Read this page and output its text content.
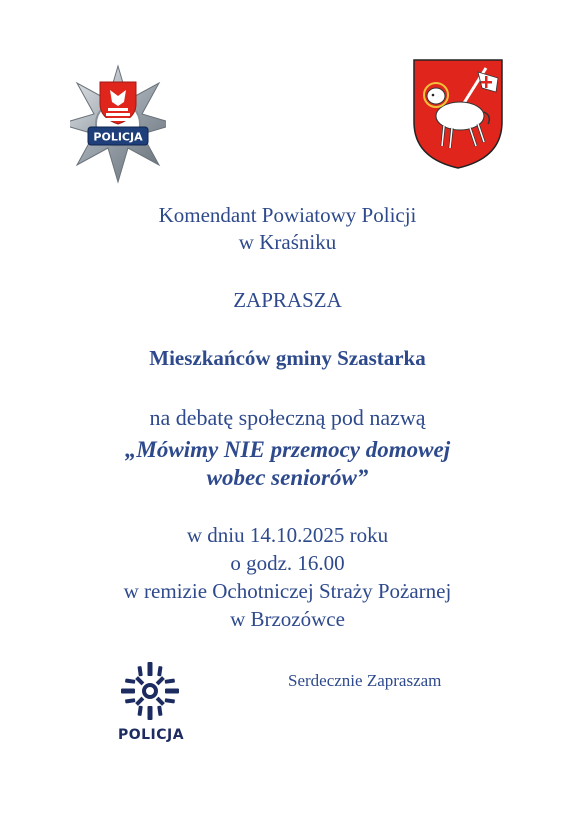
POLICJA
Komendant Powiatowy Policji
w Kraśniku
ZAPRASZA
Mieszkańców gminy Szastarka
na debatę społeczną pod nazwą
„Mówimy NIE przemocy domowej
wobec seniorów”
w dniu 14.10.2025 roku
o godz. 16.00
w remizie Ochotniczej Straży Pożarnej
w Brzozówce
POLICJA
Serdecznie Zapraszam
